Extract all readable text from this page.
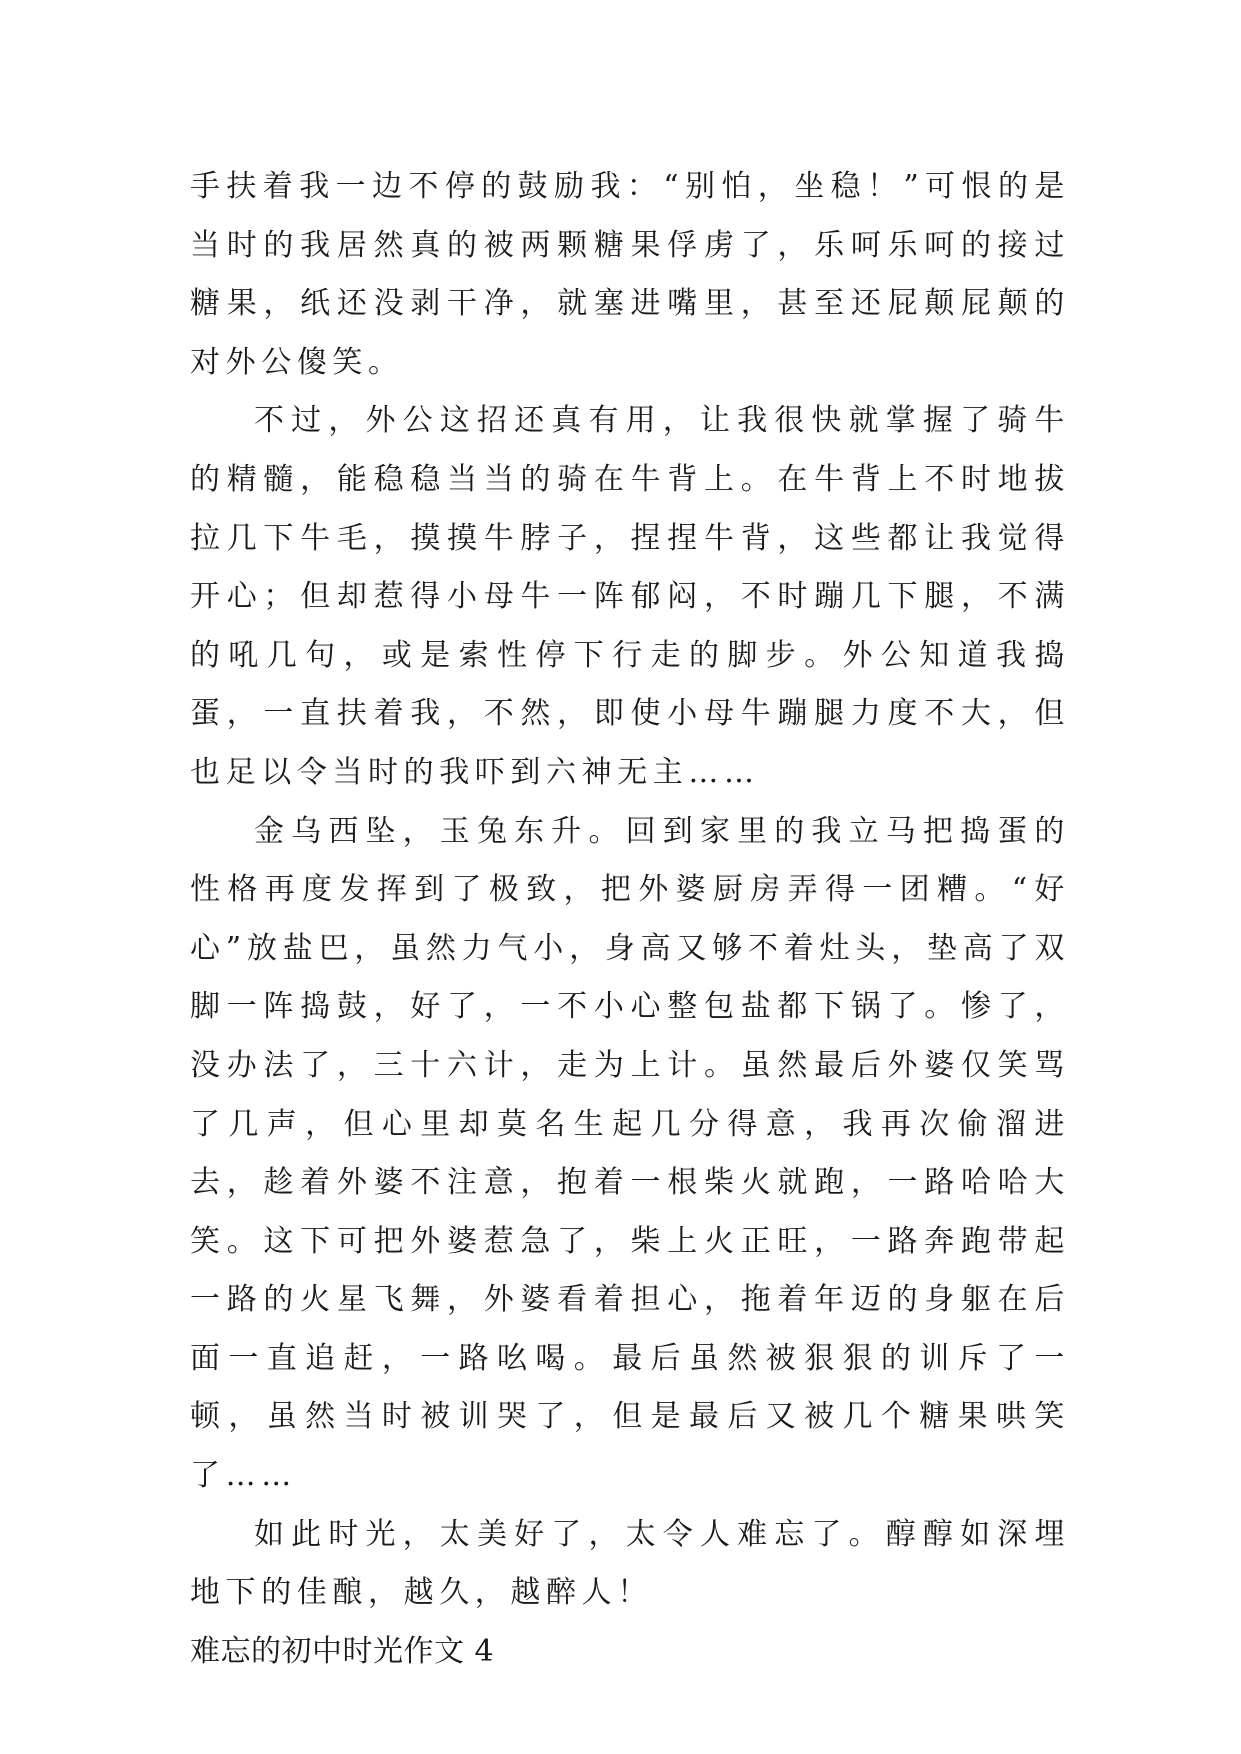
手扶着我一边不停的鼓励我：“别怕，坐稳！”可恨的是当时的我居然真的被两颗糖果俘虏了，乐呵乐呵的接过糖果，纸还没剥干净，就塞进嘴里，甚至还屁颠屁颠的对外公傻笑。

不过，外公这招还真有用，让我很快就掌握了骑牛的精髓，能稳稳当当的骑在牛背上。在牛背上不时地拔拉几下牛毛，摸摸牛脖子，捏捏牛背，这些都让我觉得开心；但却惹得小母牛一阵郁闷，不时蹦几下腿，不满的吼几句，或是索性停下行走的脚步。外公知道我捣蛋，一直扶着我，不然，即使小母牛蹦腿力度不大，但也足以令当时的我吓到六神无主……

金乌西坠，玉兔东升。回到家里的我立马把捣蛋的性格再度发挥到了极致，把外婆厨房弄得一团糟。“好心”放盐巴，虽然力气小，身高又够不着灶头，垫高了双脚一阵捣鼓，好了，一不小心整包盐都下锅了。惨了，没办法了，三十六计，走为上计。虽然最后外婆仅笑骂了几声，但心里却莫名生起几分得意，我再次偷溜进去，趁着外婆不注意，抱着一根柴火就跑，一路哈哈大笑。这下可把外婆惹急了，柴上火正旺，一路奔跑带起一路的火星飞舞，外婆看着担心，拖着年迈的身躯在后面一直追赶，一路吆喝。最后虽然被狠狠的训斥了一顿，虽然当时被训哭了，但是最后又被几个糖果哄笑了……

如此时光，太美好了，太令人难忘了。醇醇如深埋地下的佳酿，越久，越醉人！

难忘的初中时光作文 4
